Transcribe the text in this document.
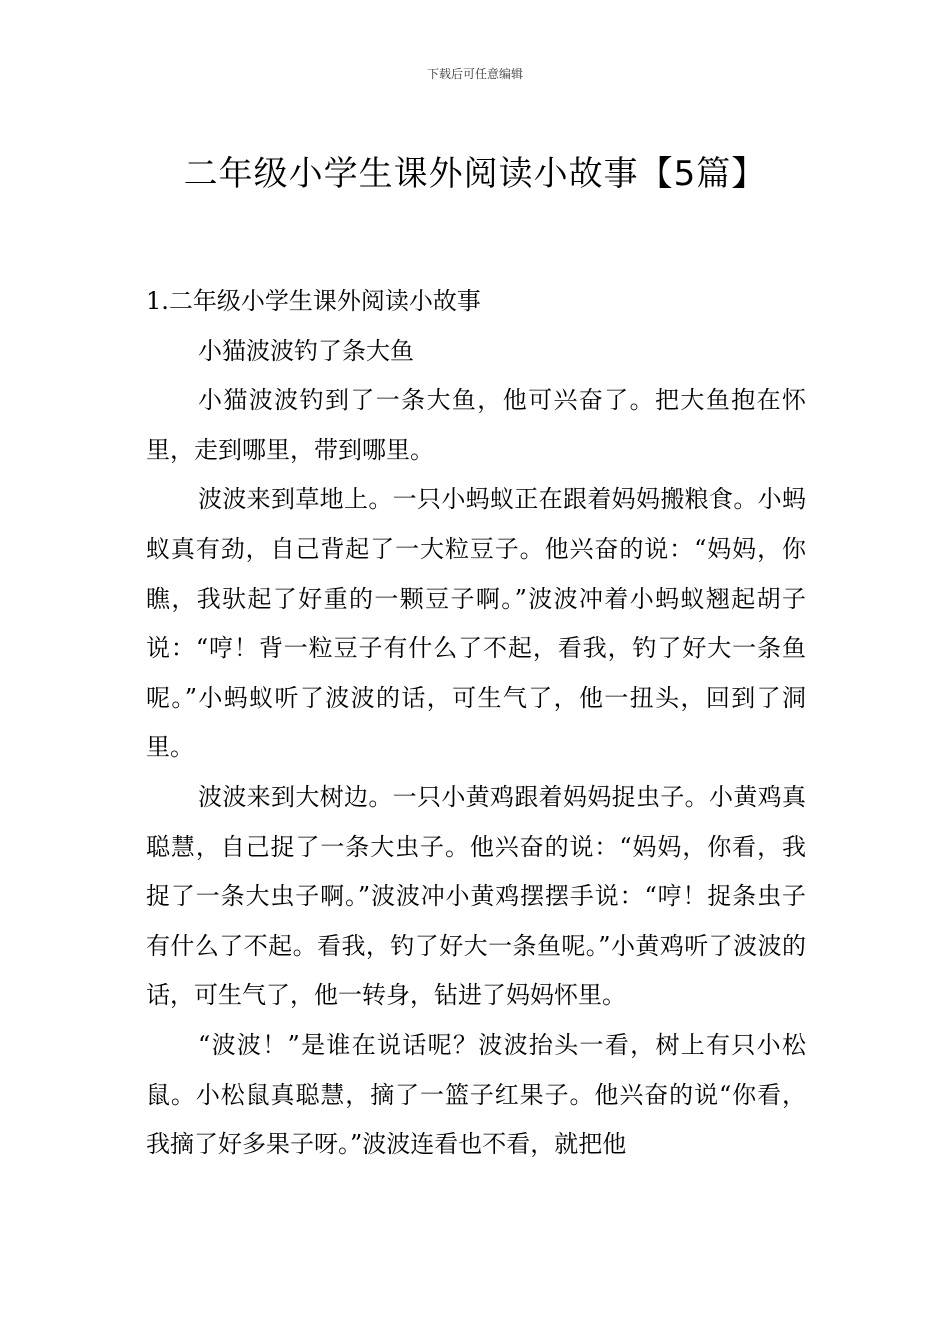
下载后可任意编辑
二年级小学生课外阅读小故事【5篇】

1.二年级小学生课外阅读小故事

小猫波波钓了条大鱼

小猫波波钓到了一条大鱼，他可兴奋了。把大鱼抱在怀里，走到哪里，带到哪里。

波波来到草地上。一只小蚂蚁正在跟着妈妈搬粮食。小蚂蚁真有劲，自己背起了一大粒豆子。他兴奋的说：“妈妈，你瞧，我驮起了好重的一颗豆子啊。”波波冲着小蚂蚁翘起胡子说：“哼！背一粒豆子有什么了不起，看我，钓了好大一条鱼呢。”小蚂蚁听了波波的话，可生气了，他一扭头，回到了洞里。

波波来到大树边。一只小黄鸡跟着妈妈捉虫子。小黄鸡真聪慧，自己捉了一条大虫子。他兴奋的说：“妈妈，你看，我捉了一条大虫子啊。”波波冲小黄鸡摆摆手说：“哼！捉条虫子有什么了不起。看我，钓了好大一条鱼呢。”小黄鸡听了波波的话，可生气了，他一转身，钻进了妈妈怀里。

“波波！”是谁在说话呢？波波抬头一看，树上有只小松鼠。小松鼠真聪慧，摘了一篮子红果子。他兴奋的说“你看，我摘了好多果子呀。”波波连看也不看，就把他
